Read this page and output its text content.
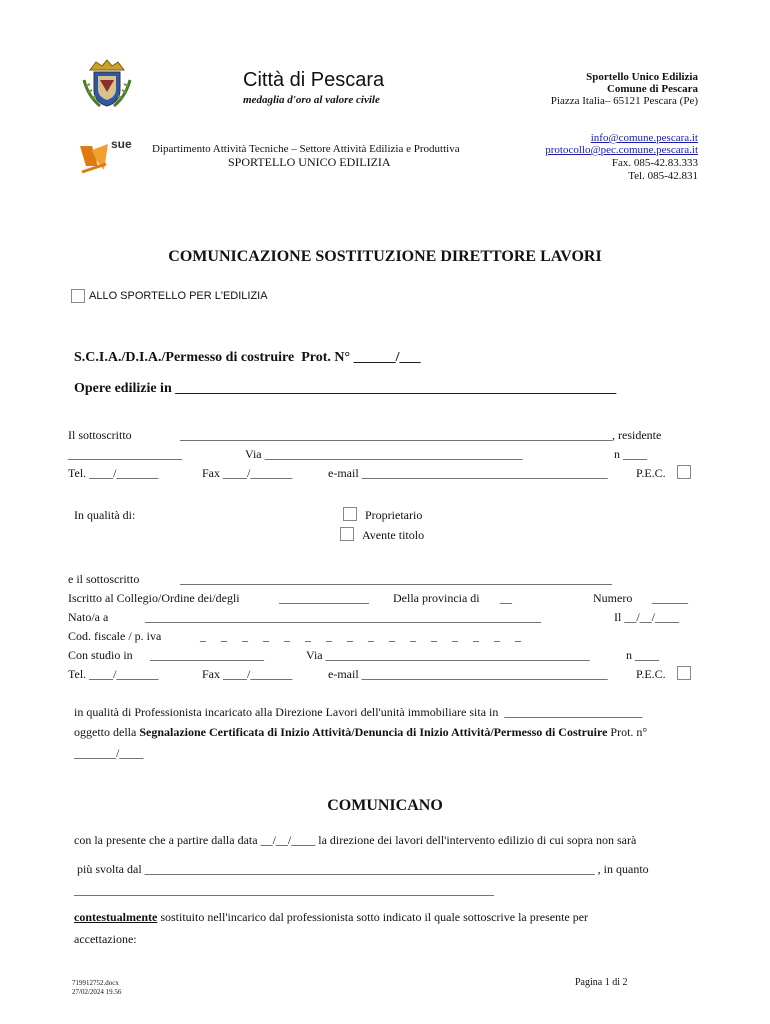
Città di Pescara
medaglia d'oro al valore civile
Sportello Unico Edilizia
Comune di Pescara
Piazza Italia– 65121 Pescara (Pe)
sue Dipartimento Attività Tecniche – Settore Attività Edilizia e Produttiva
SPORTELLO UNICO EDILIZIA
info@comune.pescara.it
protocollo@pec.comune.pescara.it
Fax. 085-42.83.333
Tel. 085-42.831
COMUNICAZIONE SOSTITUZIONE DIRETTORE LAVORI
ALLO SPORTELLO PER L'EDILIZIA
S.C.I.A./D.I.A./Permesso di costruire  Prot. N° ______/___
Opere edilizie in _______________________________________________________________
Il sottoscritto	________________________________________________________________________, residente
___________________	Via ___________________________________________	n ____
Tel. ____/_______	Fax ____/_______	e-mail _________________________________________ P.E.C.
In qualità di:	Proprietario
Avente titolo
e il sottoscritto	________________________________________________________________________
Iscritto al Collegio/Ordine dei/degli	_______________ Della provincia di __	Numero ______
Nato/a a	__________________________________________________________________	Il __/__/____
Cod. fiscale / p. iva	_    _    _    _    _    _    _    _    _    _    _    _    _    _    _    _
Con studio in ___________________	Via ____________________________________________	n ____
Tel. ____/_______	Fax ____/_______	e-mail _________________________________________ P.E.C.
in qualità di Professionista incaricato alla Direzione Lavori dell'unità immobiliare sita in  _______________________
oggetto della Segnalazione Certificata di Inizio Attività/Denuncia di Inizio Attività/Permesso di Costruire Prot. n°
_______/____
COMUNICANO
con la presente che a partire dalla data __/__/____ la direzione dei lavori dell'intervento edilizio di cui sopra non sarà
più svolta dal ___________________________________________________________________________ , in quanto
______________________________________________________________________
contestualmente sostituito nell'incarico dal professionista sotto indicato il quale sottoscrive la presente per
accettazione:
719912752.docx
27/02/2024 19.56
Pagina 1 di 2
